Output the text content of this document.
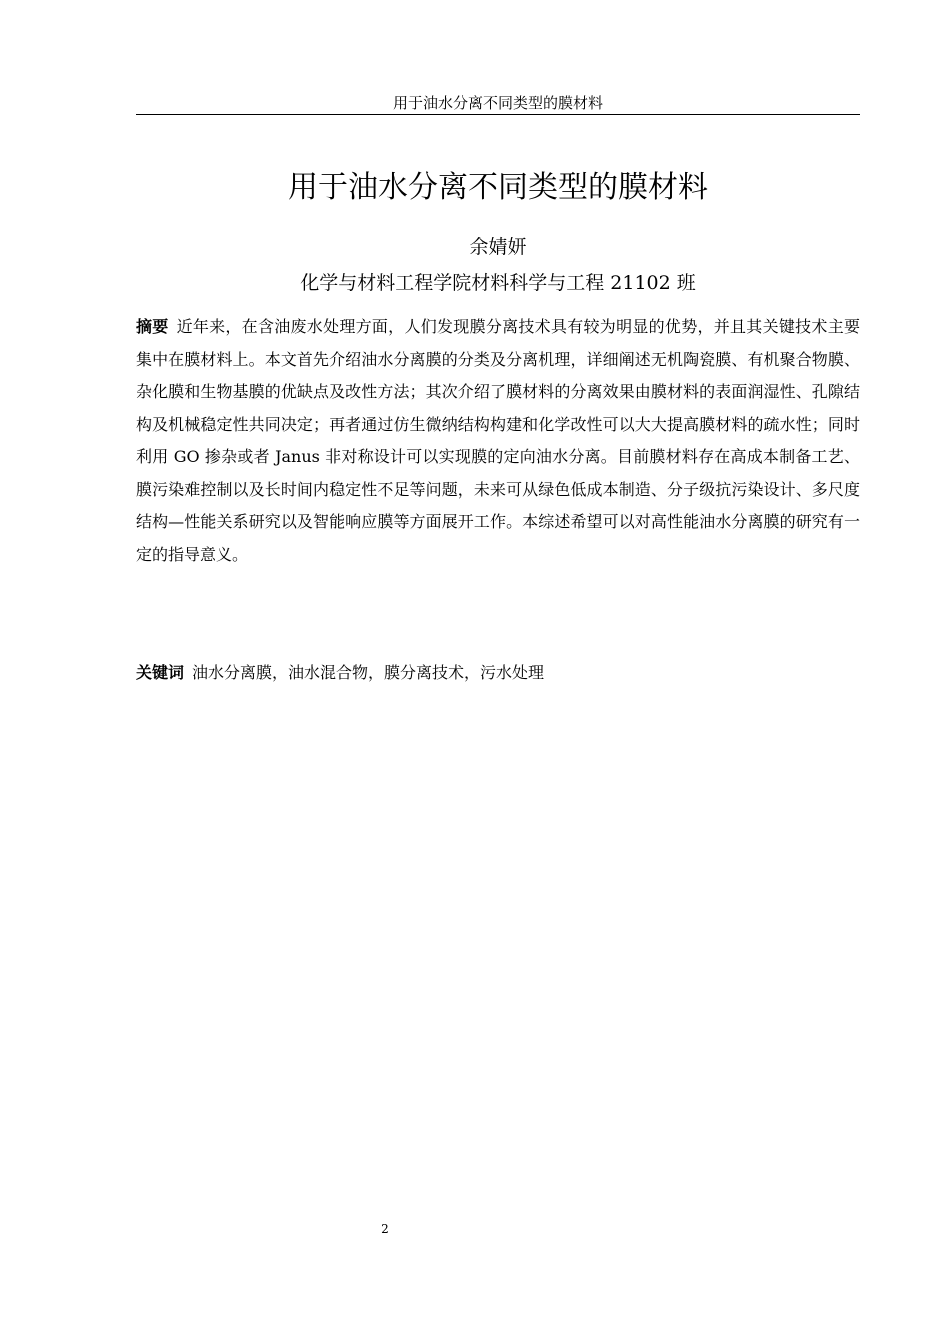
用于油水分离不同类型的膜材料
用于油水分离不同类型的膜材料
余婧妍
化学与材料工程学院材料科学与工程 21102 班
摘要 近年来，在含油废水处理方面，人们发现膜分离技术具有较为明显的优势，并且其关键技术主要集中在膜材料上。本文首先介绍油水分离膜的分类及分离机理，详细阐述无机陶瓷膜、有机聚合物膜、杂化膜和生物基膜的优缺点及改性方法；其次介绍了膜材料的分离效果由膜材料的表面润湿性、孔隙结构及机械稳定性共同决定；再者通过仿生微纳结构构建和化学改性可以大大提高膜材料的疏水性；同时利用 GO 掺杂或者 Janus 非对称设计可以实现膜的定向油水分离。目前膜材料存在高成本制备工艺、膜污染难控制以及长时间内稳定性不足等问题，未来可从绿色低成本制造、分子级抗污染设计、多尺度结构—性能关系研究以及智能响应膜等方面展开工作。本综述希望可以对高性能油水分离膜的研究有一定的指导意义。
关键词 油水分离膜，油水混合物，膜分离技术，污水处理
2
